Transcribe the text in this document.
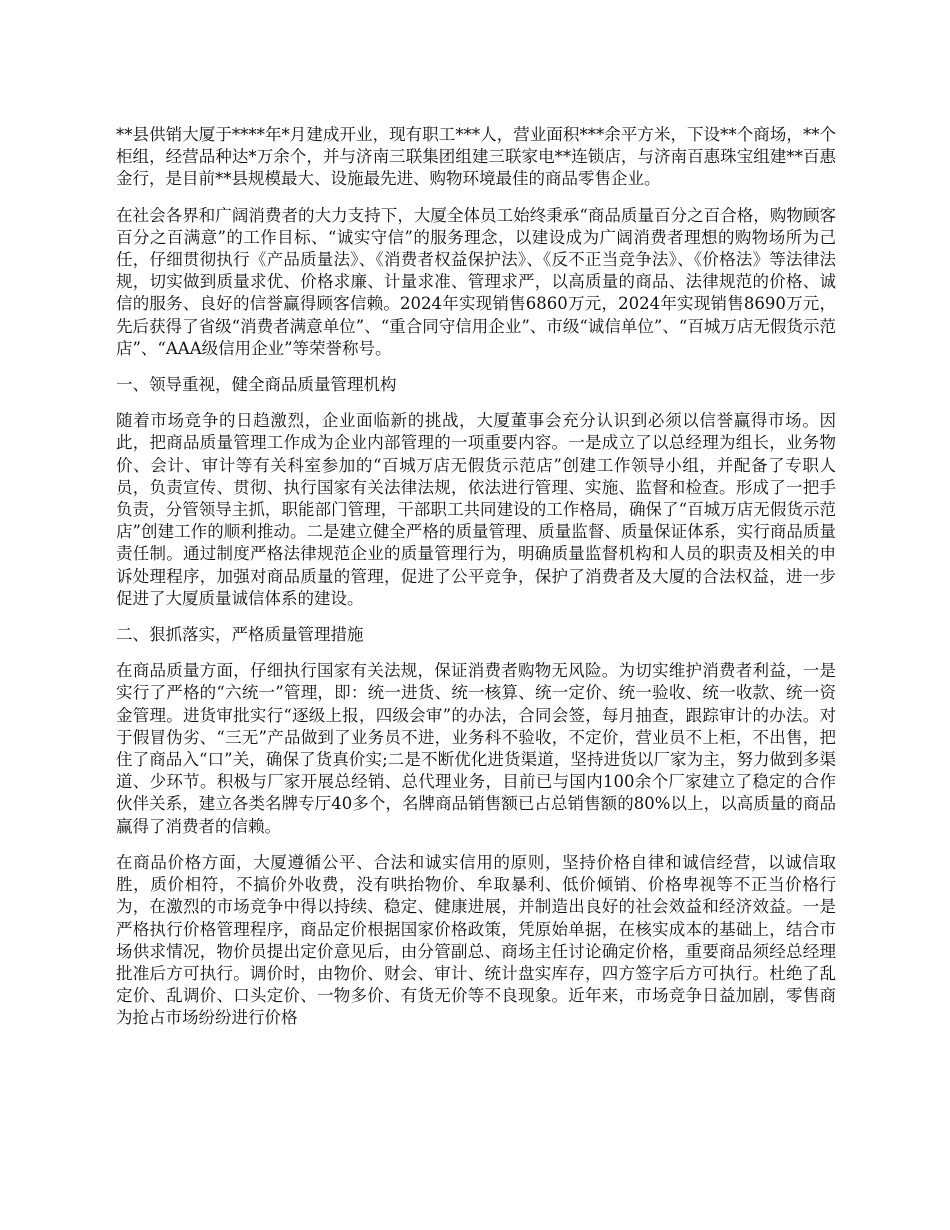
**县供销大厦于****年*月建成开业，现有职工***人，营业面积***余平方米，下设**个商场，**个柜组，经营品种达*万余个，并与济南三联集团组建三联家电**连锁店，与济南百惠珠宝组建**百惠金行，是目前**县规模最大、设施最先进、购物环境最佳的商品零售企业。

在社会各界和广阔消费者的大力支持下，大厦全体员工始终秉承“商品质量百分之百合格，购物顾客百分之百满意”的工作目标、“诚实守信”的服务理念，以建设成为广阔消费者理想的购物场所为己任，仔细贯彻执行《产品质量法》、《消费者权益保护法》、《反不正当竞争法》、《价格法》等法律法规，切实做到质量求优、价格求廉、计量求准、管理求严，以高质量的商品、法律规范的价格、诚信的服务、良好的信誉赢得顾客信赖。2024年实现销售6860万元，2024年实现销售8690万元，先后获得了省级“消费者满意单位”、“重合同守信用企业”、市级“诚信单位”、“百城万店无假货示范店”、“AAA级信用企业”等荣誉称号。

一、领导重视，健全商品质量管理机构

随着市场竞争的日趋激烈，企业面临新的挑战，大厦董事会充分认识到必须以信誉赢得市场。因此，把商品质量管理工作成为企业内部管理的一项重要内容。一是成立了以总经理为组长，业务物价、会计、审计等有关科室参加的“百城万店无假货示范店”创建工作领导小组，并配备了专职人员，负责宣传、贯彻、执行国家有关法律法规，依法进行管理、实施、监督和检查。形成了一把手负责，分管领导主抓，职能部门管理，干部职工共同建设的工作格局，确保了“百城万店无假货示范店”创建工作的顺利推动。二是建立健全严格的质量管理、质量监督、质量保证体系，实行商品质量责任制。通过制度严格法律规范企业的质量管理行为，明确质量监督机构和人员的职责及相关的申诉处理程序，加强对商品质量的管理，促进了公平竞争，保护了消费者及大厦的合法权益，进一步促进了大厦质量诚信体系的建设。

二、狠抓落实，严格质量管理措施

在商品质量方面，仔细执行国家有关法规，保证消费者购物无风险。为切实维护消费者利益，一是实行了严格的“六统一”管理，即：统一进货、统一核算、统一定价、统一验收、统一收款、统一资金管理。进货审批实行“逐级上报，四级会审”的办法，合同会签，每月抽查，跟踪审计的办法。对于假冒伪劣、“三无”产品做到了业务员不进，业务科不验收，不定价，营业员不上柜，不出售，把住了商品入“口”关，确保了货真价实;二是不断优化进货渠道，坚持进货以厂家为主，努力做到多渠道、少环节。积极与厂家开展总经销、总代理业务，目前已与国内100余个厂家建立了稳定的合作伙伴关系，建立各类名牌专厅40多个，名牌商品销售额已占总销售额的80%以上，以高质量的商品赢得了消费者的信赖。

在商品价格方面，大厦遵循公平、合法和诚实信用的原则，坚持价格自律和诚信经营，以诚信取胜，质价相符，不搞价外收费，没有哄抬物价、牟取暴利、低价倾销、价格卑视等不正当价格行为，在激烈的市场竞争中得以持续、稳定、健康进展，并制造出良好的社会效益和经济效益。一是严格执行价格管理程序，商品定价根据国家价格政策，凭原始单据，在核实成本的基础上，结合市场供求情况，物价员提出定价意见后，由分管副总、商场主任讨论确定价格，重要商品须经总经理批准后方可执行。调价时，由物价、财会、审计、统计盘实库存，四方签字后方可执行。杜绝了乱定价、乱调价、口头定价、一物多价、有货无价等不良现象。近年来，市场竞争日益加剧，零售商为抢占市场纷纷进行价格
